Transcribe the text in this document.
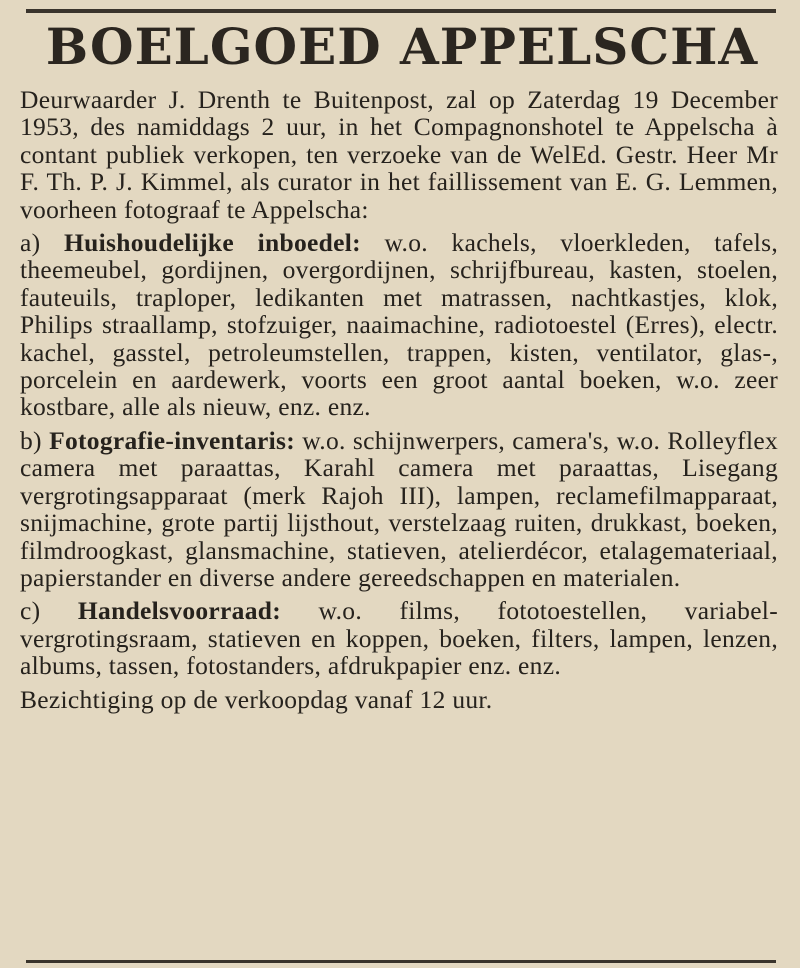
BOELGOED APPELSCHA

Deurwaarder J. Drenth te Buitenpost, zal op Zaterdag 19 December 1953, des namiddags 2 uur, in het Compagnonshotel te Appelscha à contant publiek verkopen, ten verzoeke van de WelEd. Gestr. Heer Mr F. Th. P. J. Kimmel, als curator in het faillissement van E. G. Lemmen, voorheen fotograaf te Appelscha:

a) Huishoudelijke inboedel: w.o. kachels, vloerkleden, tafels, theemeubel, gordijnen, overgordijnen, schrijfbureau, kasten, stoelen, fauteuils, traploper, ledikanten met matrassen, nachtkastjes, klok, Philips straallamp, stofzuiger, naaimachine, radiotoestel (Erres), electr. kachel, gasstel, petroleumstellen, trappen, kisten, ventilator, glas-, porcelein en aardewerk, voorts een groot aantal boeken, w.o. zeer kostbare, alle als nieuw, enz. enz.

b) Fotografie-inventaris: w.o. schijnwerpers, camera's, w.o. Rolleyflex camera met paraattas, Karahl camera met paraattas, Lisegang vergrotingsapparaat (merk Rajoh III), lampen, reclamefilmapparaat, snijmachine, grote partij lijsthout, verstelzaag ruiten, drukkast, boeken, filmdroogkast, glansmachine, statieven, atelierdécor, etalagemateriaal, papierstander en diverse andere gereedschappen en materialen.

c) Handelsvoorraad: w.o. films, fototoestellen, variabel-vergrotingsraam, statieven en koppen, boeken, filters, lampen, lenzen, albums, tassen, fotostanders, afdrukpapier enz. enz.

Bezichtiging op de verkoopdag vanaf 12 uur.
